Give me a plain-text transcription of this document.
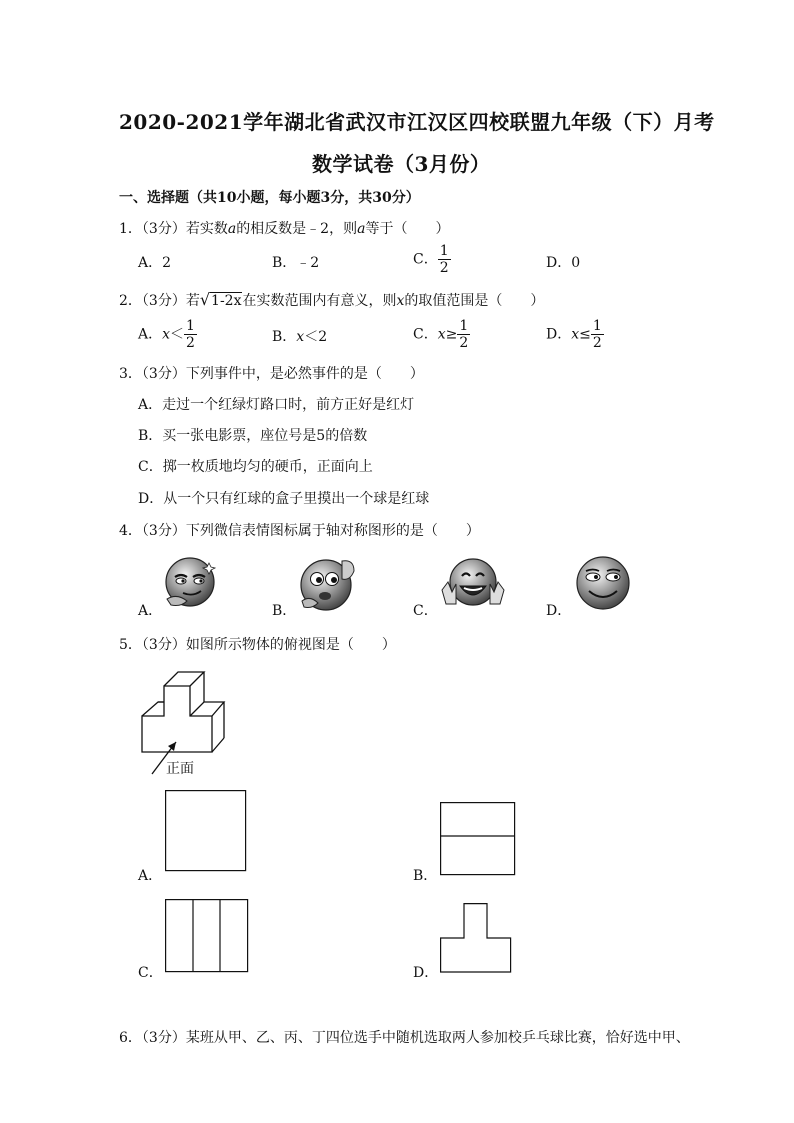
2020-2021学年湖北省武汉市江汉区四校联盟九年级（下）月考
数学试卷（3月份）
一、选择题（共10小题，每小题3分，共30分）
1．（3分）若实数a的相反数是﹣2，则a等于（　　）
A．2	B．﹣2	C． $\frac{1}{2}$	D．0
2．（3分）若√1-2x在实数范围内有意义，则x的取值范围是（　　）
A．$x< \frac{1}{2}$	B．x＜2	C．$x\ge \frac{1}{2}$	D．$x\le \frac{1}{2}$
3．（3分）下列事件中，是必然事件的是（　　）
A．走过一个红绿灯路口时，前方正好是红灯
B．买一张电影票，座位号是5的倍数
C．掷一枚质地均匀的硬币，正面向上
D．从一个只有红球的盒子里摸出一个球是红球
4．（3分）下列微信表情图标属于轴对称图形的是（　　）
A．	B．	C．	D．
5．（3分）如图所示物体的俯视图是（　　）
正面
A．	B．
C．	D．
6．（3分）某班从甲、乙、丙、丁四位选手中随机选取两人参加校乒乓球比赛，恰好选中甲、
